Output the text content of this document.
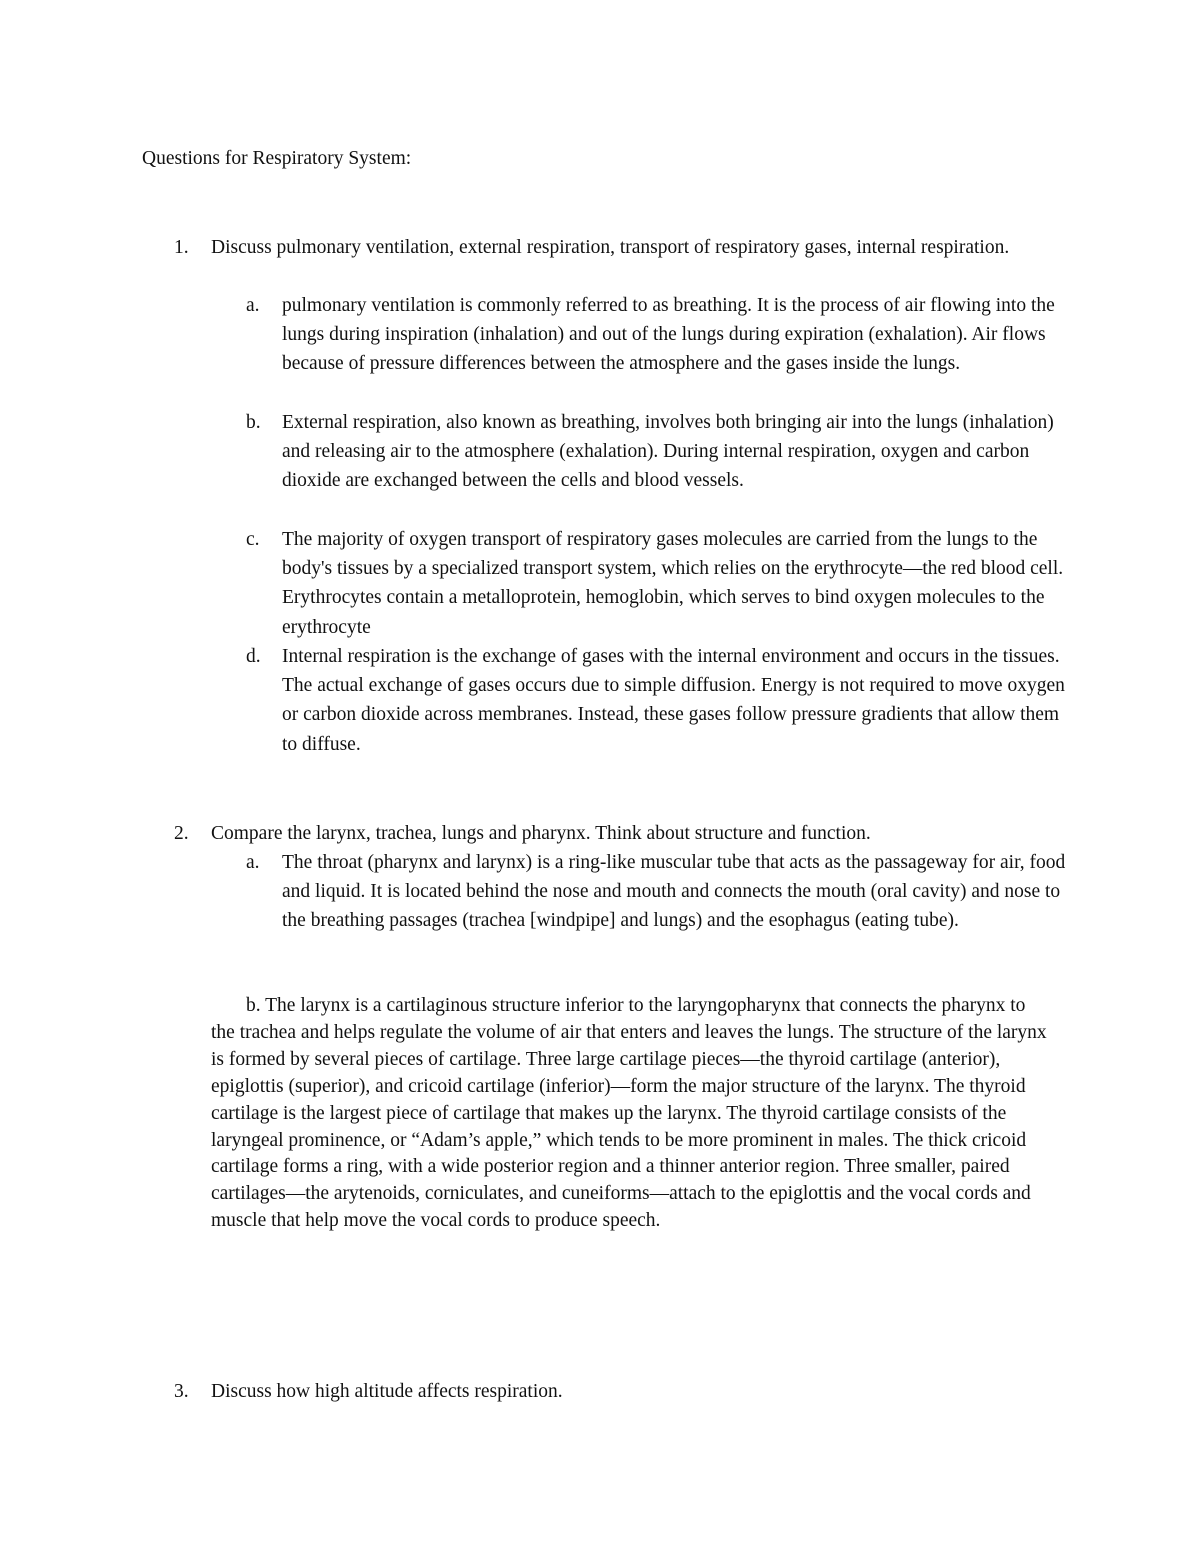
Questions for Respiratory System:

1. Discuss pulmonary ventilation, external respiration, transport of respiratory gases, internal respiration.

a. pulmonary ventilation is commonly referred to as breathing. It is the process of air flowing into the lungs during inspiration (inhalation) and out of the lungs during expiration (exhalation). Air flows because of pressure differences between the atmosphere and the gases inside the lungs.

b. External respiration, also known as breathing, involves both bringing air into the lungs (inhalation) and releasing air to the atmosphere (exhalation). During internal respiration, oxygen and carbon dioxide are exchanged between the cells and blood vessels.

c. The majority of oxygen transport of respiratory gases molecules are carried from the lungs to the body's tissues by a specialized transport system, which relies on the erythrocyte—the red blood cell. Erythrocytes contain a metalloprotein, hemoglobin, which serves to bind oxygen molecules to the erythrocyte

d. Internal respiration is the exchange of gases with the internal environment and occurs in the tissues. The actual exchange of gases occurs due to simple diffusion. Energy is not required to move oxygen or carbon dioxide across membranes. Instead, these gases follow pressure gradients that allow them to diffuse.

2. Compare the larynx, trachea, lungs and pharynx. Think about structure and function.

a. The throat (pharynx and larynx) is a ring-like muscular tube that acts as the passageway for air, food and liquid. It is located behind the nose and mouth and connects the mouth (oral cavity) and nose to the breathing passages (trachea [windpipe] and lungs) and the esophagus (eating tube).

b. The larynx is a cartilaginous structure inferior to the laryngopharynx that connects the pharynx to the trachea and helps regulate the volume of air that enters and leaves the lungs. The structure of the larynx is formed by several pieces of cartilage. Three large cartilage pieces—the thyroid cartilage (anterior), epiglottis (superior), and cricoid cartilage (inferior)—form the major structure of the larynx. The thyroid cartilage is the largest piece of cartilage that makes up the larynx. The thyroid cartilage consists of the laryngeal prominence, or “Adam’s apple,” which tends to be more prominent in males. The thick cricoid cartilage forms a ring, with a wide posterior region and a thinner anterior region. Three smaller, paired cartilages—the arytenoids, corniculates, and cuneiforms—attach to the epiglottis and the vocal cords and muscle that help move the vocal cords to produce speech.

3. Discuss how high altitude affects respiration.
